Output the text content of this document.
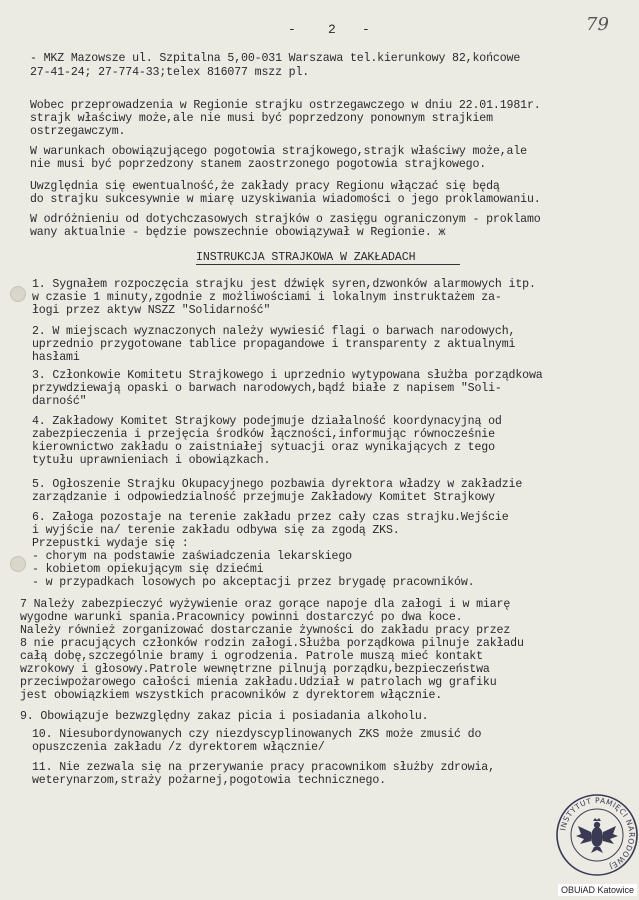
- 2 -	79
- MKZ Mazowsze ul. Szpitalna 5,00-031 Warszawa tel.kierunkowy 82,końcowe
27-41-24; 27-774-33;telex 816077 mszz pl.
Wobec przeprowadzenia w Regionie strajku ostrzegawczego w dniu 22.01.1981r.
strajk właściwy może,ale nie musi być poprzedzony ponownym strajkiem
ostrzegawczym.
W warunkach obowiązującego pogotowia strajkowego,strajk właściwy może,ale
nie musi być poprzedzony stanem zaostrzonego pogotowia strajkowego.
Uwzględnia się ewentualność,że zakłady pracy Regionu włączać się będą
do strajku sukcesywnie w miarę uzyskiwania wiadomości o jego proklamowaniu.
W odróżnieniu od dotychczasowych strajków o zasięgu ograniczonym - proklamo
wany aktualnie - będzie powszechnie obowiązywał w Regionie. ж
INSTRUKCJA STRAJKOWA W ZAKŁADACH
1. Sygnałem rozpoczęcia strajku jest dźwięk syren,dzwonków alarmowych itp.
w czasie 1 minuty,zgodnie z możliwościami i lokalnym instruktażem za-
łogi przez aktyw NSZZ "Solidarność"
2. W miejscach wyznaczonych należy wywiesić flagi o barwach narodowych,
uprzednio przygotowane tablice propagandowe i transparenty z aktualnymi
hasłami
3. Członkowie Komitetu Strajkowego i uprzednio wytypowana służba porządkowa
przywdziewają opaski o barwach narodowych,bądź białe z napisem "Soli-
darność"
4. Zakładowy Komitet Strajkowy podejmuje działalność koordynacyjną od
zabezpieczenia i przejęcia środków łączności,informując równocześnie
kierownictwo zakładu o zaistniałej sytuacji oraz wynikających z tego
tytułu uprawnieniach i obowiązkach.
5. Ogłoszenie Strajku Okupacyjnego pozbawia dyrektora władzy w zakładzie
zarządzanie i odpowiedzialność przejmuje Zakładowy Komitet Strajkowy
6. Załoga pozostaje na terenie zakładu przez cały czas strajku.Wejście
i wyjście na/ terenie zakładu odbywa się za zgodą ZKS.
Przepustki wydaje się :
- chorym na podstawie zaświadczenia lekarskiego
- kobietom opiekującym się dziećmi
- w przypadkach losowych po akceptacji przez brygadę pracowników.
7 Należy zabezpieczyć wyżywienie oraz gorące napoje dla załogi i w miarę
wygodne warunki spania.Pracownicy powinni dostarczyć po dwa koce.
Należy również zorganizować dostarczanie żywności do zakładu pracy przez
8 nie pracujących członków rodzin załogi.Służba porządkowa pilnuje zakładu
całą dobę,szczególnie bramy i ogrodzenia. Patrole muszą mieć kontakt
wzrokowy i głosowy.Patrole wewnętrzne pilnują porządku,bezpieczeństwa
przeciwpożarowego całości mienia zakładu.Udział w patrolach wg grafiku
jest obowiązkiem wszystkich pracowników z dyrektorem włącznie.
9. Obowiązuje bezwzględny zakaz picia i posiadania alkoholu.
10. Niesubordynowanych czy niezdyscyplinowanych ZKS może zmusić do
opuszczenia zakładu /z dyrektorem włącznie/
11. Nie zezwala się na przerywanie pracy pracownikom służby zdrowia,
weterynarzom,straży pożarnej,pogotowia technicznego.
INSTYTUT PAMIĘCI NARODOWEJ
OBUiAD Katowice
